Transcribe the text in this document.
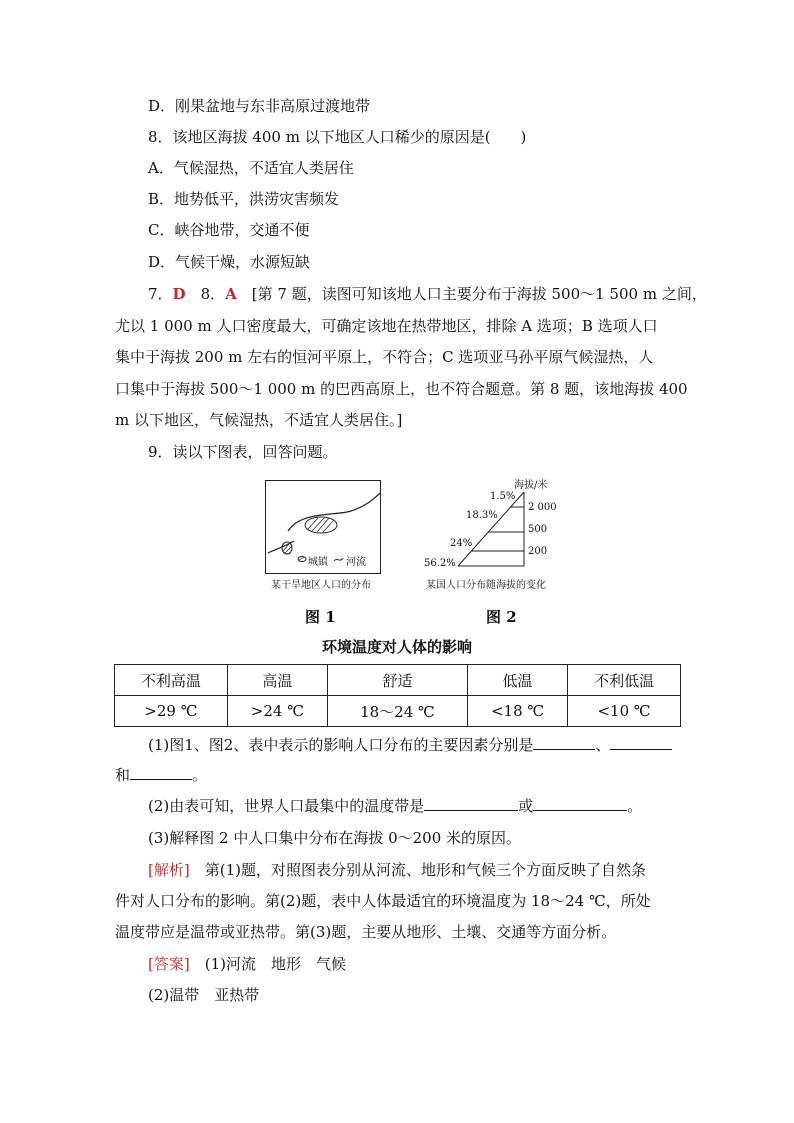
D．刚果盆地与东非高原过渡地带
8．该地区海拔 400 m 以下地区人口稀少的原因是(　　)
A．气候湿热，不适宜人类居住
B．地势低平，洪涝灾害频发
C．峡谷地带，交通不便
D．气候干燥，水源短缺
7．D　 8．A　 [第 7 题，读图可知该地人口主要分布于海拔 500～1 500 m 之间，
尤以 1 000 m 人口密度最大，可确定该地在热带地区，排除 A 选项；B 选项人口
集中于海拔 200 m 左右的恒河平原上，不符合；C 选项亚马孙平原气候湿热，人
口集中于海拔 500～1 000 m 的巴西高原上，也不符合题意。第 8 题，该地海拔 400
m 以下地区，气候湿热，不适宜人类居住。]
9．读以下图表，回答问题。
城镇 河流
某干旱地区人口的分布
图 1
海拔/米
1.5%
2 000
18.3%
500
24%
200
56.2%
某国人口分布随海拔的变化
图 2
环境温度对人体的影响
不利高温	高温	舒适	低温	不利低温
>29 ℃	>24 ℃	18～24 ℃	<18 ℃	<10 ℃
(1)图1、图2、表中表示的影响人口分布的主要因素分别是	、
和	。
(2)由表可知，世界人口最集中的温度带是	或	。
(3)解释图 2 中人口集中分布在海拔 0～200 米的原因。
[解析]　第(1)题，对照图表分别从河流、地形和气候三个方面反映了自然条
件对人口分布的影响。第(2)题，表中人体最适宜的环境温度为 18～24 ℃，所处
温度带应是温带或亚热带。第(3)题，主要从地形、土壤、交通等方面分析。
[答案]　(1)河流　地形　气候
(2)温带　亚热带
